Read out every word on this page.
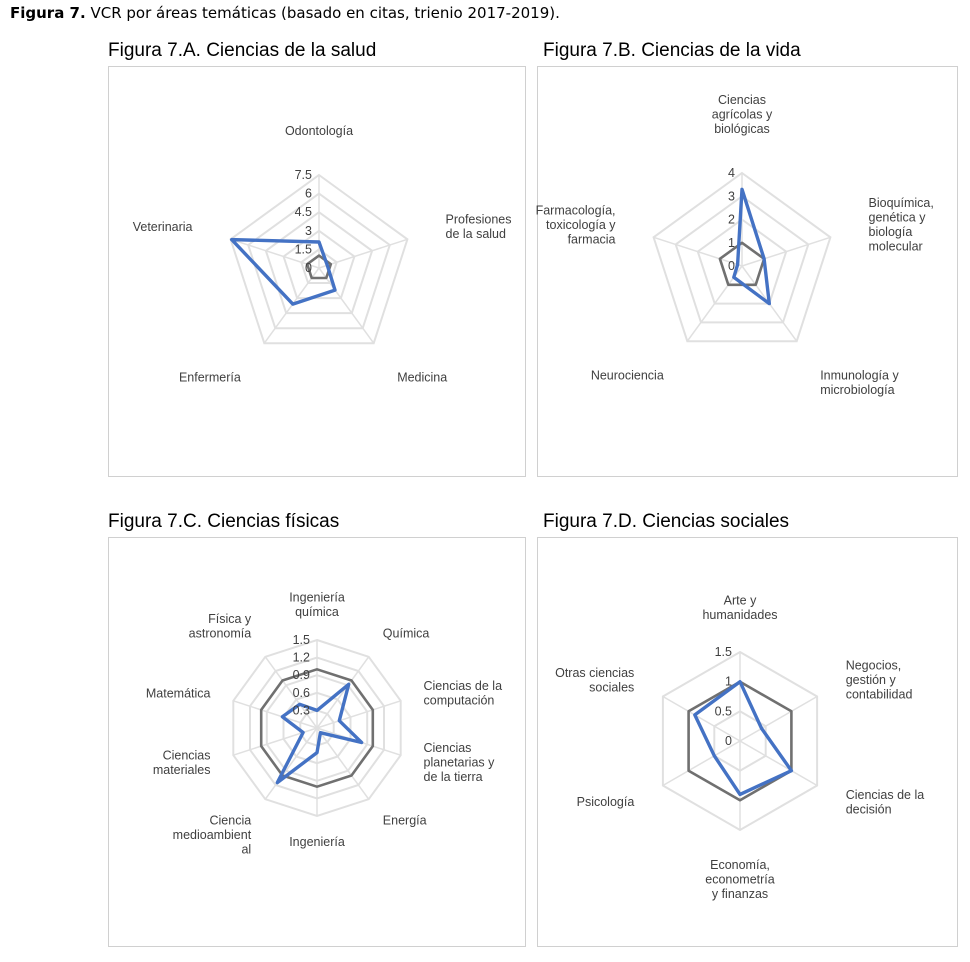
Figura 7. VCR por áreas temáticas (basado en citas, trienio 2017-2019).
Figura 7.A. Ciencias de la salud	Figura 7.B. Ciencias de la vida
Figura 7.C. Ciencias físicas	Figura 7.D. Ciencias sociales
0
1.5
3
4.5
6
7.5
Odontología
Profesiones de la salud
Medicina
Enfermería
Veterinaria
0
1
2
3
4
Ciencias agrícolas y biológicas
Bioquímica, genética y biología molecular
Inmunología y microbiología
Neurociencia
Farmacología, toxicología y farmacia
0.3
0.6
0.9
1.2
1.5
Ingeniería química
Química
Ciencias de la computación
Ciencias planetarias y de la tierra
Energía
Ingeniería
Ciencia medioambient al
Ciencias materiales
Matemática
Física y astronomía
0
0.5
1
1.5
Arte y humanidades
Negocios, gestión y contabilidad
Ciencias de la decisión
Economía, econometría y finanzas
Psicología
Otras ciencias sociales
